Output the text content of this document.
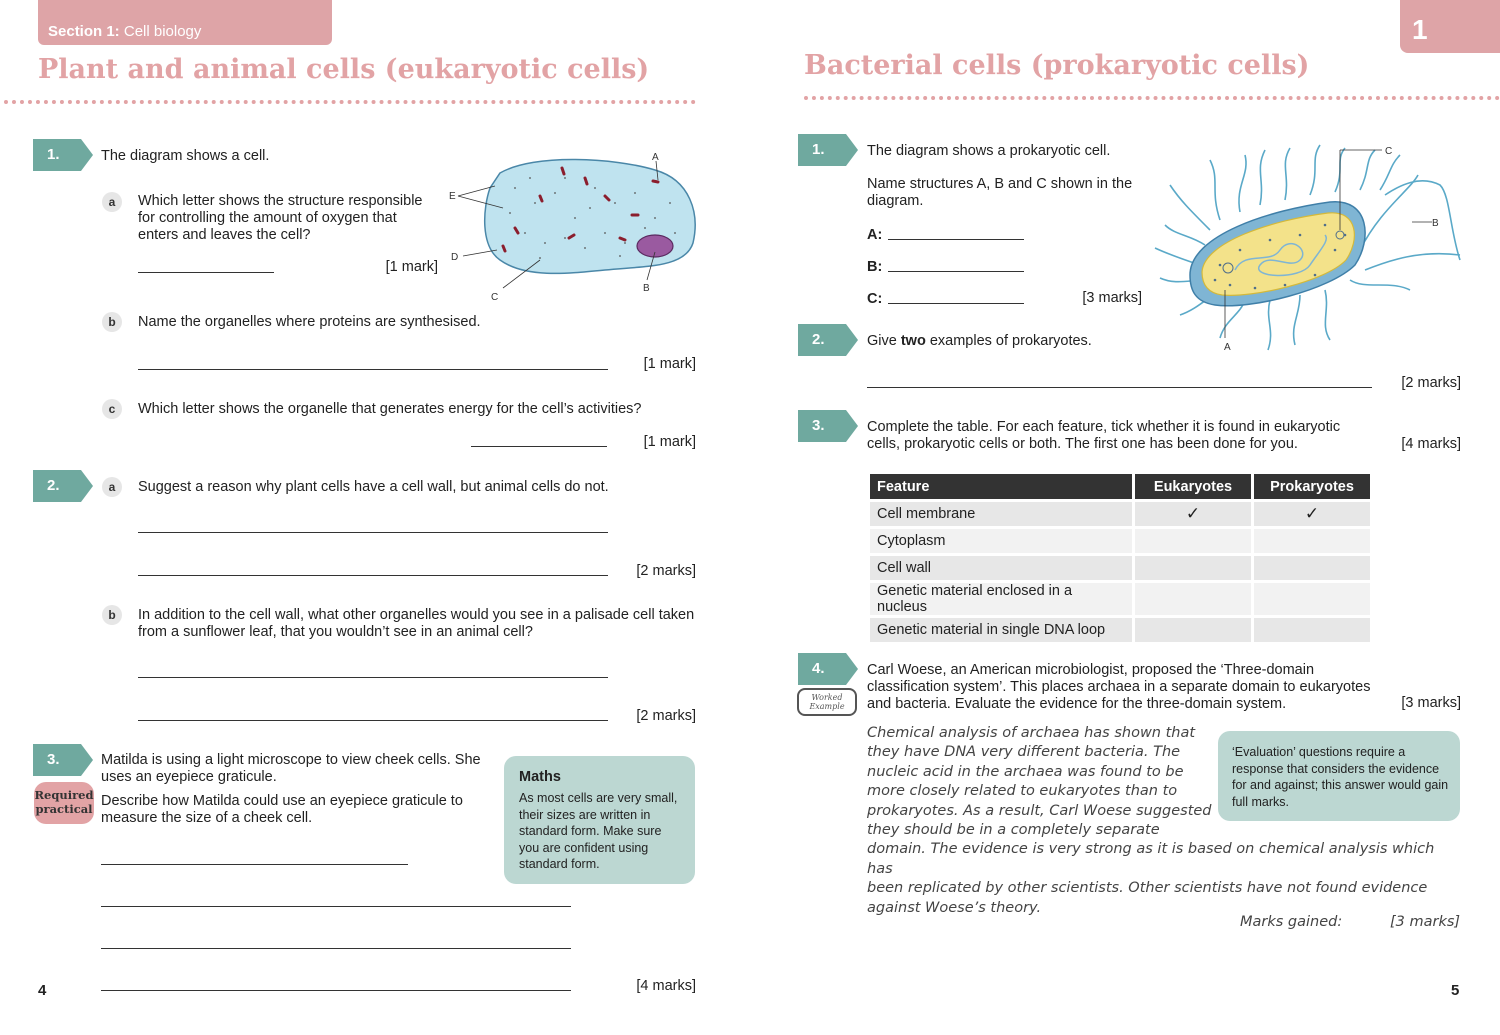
Section 1: Cell biology
Plant and animal cells (eukaryotic cells)
1.	The diagram shows a cell.
a	Which letter shows the structure responsible for controlling the amount of oxygen that enters and leaves the cell?
[1 mark]
A
E
D
C
B
b	Name the organelles where proteins are synthesised.
[1 mark]
c	Which letter shows the organelle that generates energy for the cell’s activities?
[1 mark]
2.	a	Suggest a reason why plant cells have a cell wall, but animal cells do not.
[2 marks]
b	In addition to the cell wall, what other organelles would you see in a palisade cell taken from a sunflower leaf, that you wouldn’t see in an animal cell?
[2 marks]
3.
Required practical
Matilda is using a light microscope to view cheek cells. She uses an eyepiece graticule.
Describe how Matilda could use an eyepiece graticule to measure the size of a cheek cell.
[4 marks]
Maths
As most cells are very small, their sizes are written in standard form. Make sure you are confident using standard form.
4
1
Bacterial cells (prokaryotic cells)
1.	The diagram shows a prokaryotic cell.
Name structures A, B and C shown in the diagram.
A:
B:
C:	[3 marks]
A
C
B
2.	Give two examples of prokaryotes.
[2 marks]
3.	Complete the table. For each feature, tick whether it is found in eukaryotic cells, prokaryotic cells or both. The first one has been done for you.	[4 marks]
Feature	Eukaryotes	Prokaryotes
Cell membrane	✓	✓
Cytoplasm		
Cell wall		
Genetic material enclosed in a nucleus		
Genetic material in single DNA loop		
4.
Worked Example
Carl Woese, an American microbiologist, proposed the ‘Three-domain classification system’. This places archaea in a separate domain to eukaryotes and bacteria. Evaluate the evidence for the three-domain system.	[3 marks]
Chemical analysis of archaea has shown that
they have DNA very different bacteria. The
nucleic acid in the archaea was found to be
more closely related to eukaryotes than to
prokaryotes. As a result, Carl Woese suggested
they should be in a completely separate
domain. The evidence is very strong as it is based on chemical analysis which has
been replicated by other scientists. Other scientists have not found evidence
against Woese’s theory.
‘Evaluation’ questions require a response that considers the evidence for and against; this answer would gain full marks.
Marks gained:	[3 marks]
5
